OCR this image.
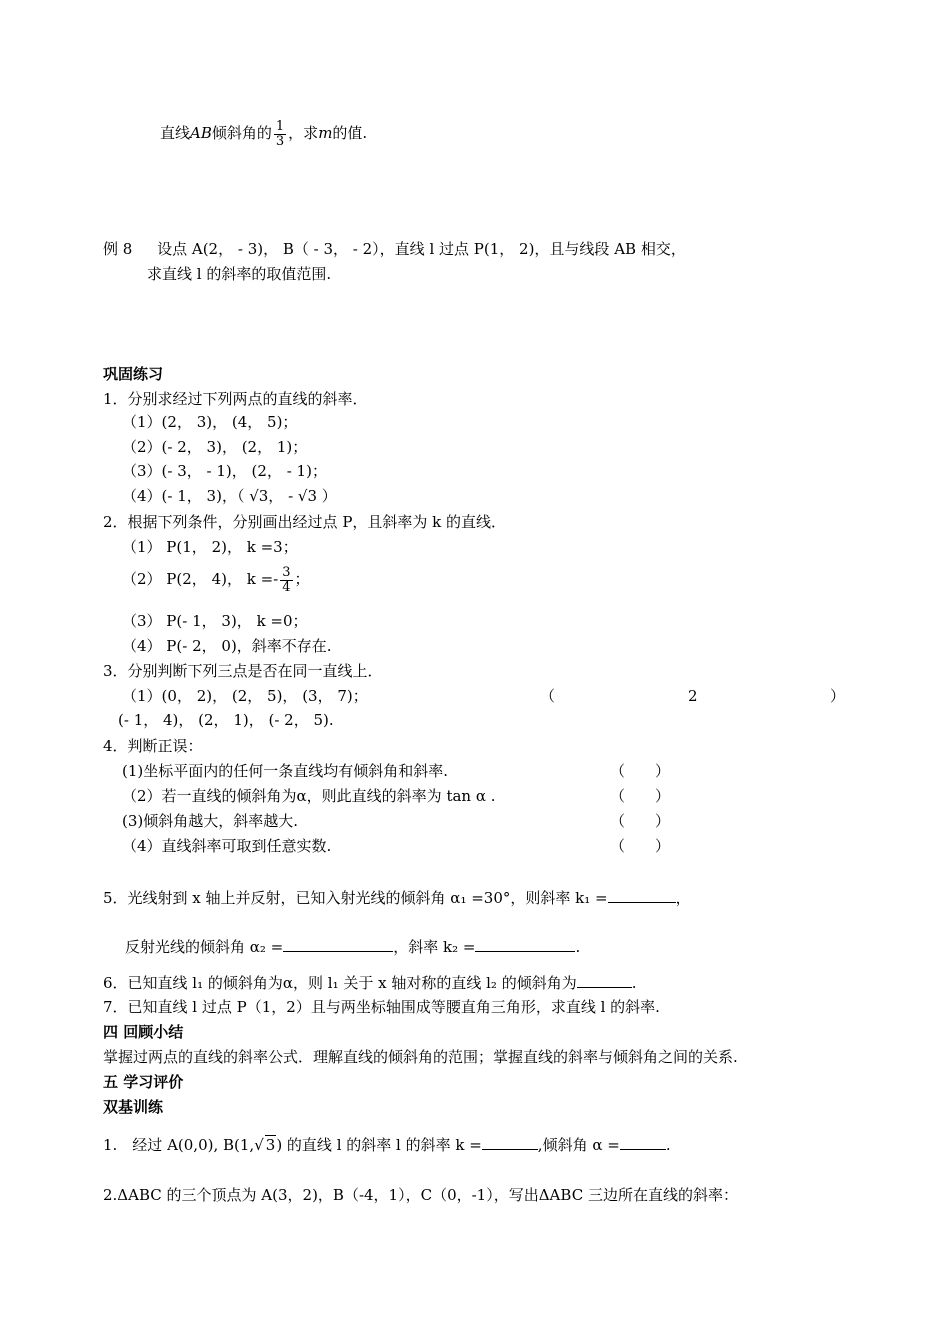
直线AB倾斜角的 $\frac{1}{3}$ ，求m的值.
例 8 设点 A(2， - 3)， B（ - 3， - 2），直线 l 过点 P(1， 2)，且与线段 AB 相交，
求直线 l 的斜率的取值范围.
巩固练习
1．分别求经过下列两点的直线的斜率．
（1）(2， 3)， (4， 5)；
（2）(- 2， 3)， (2， 1)；
（3）(- 3， - 1)， (2， - 1)；
（4）(- 1， 3)，（ √3， - √3 ）
2．根据下列条件，分别画出经过点 P，且斜率为 k 的直线．
（1） P(1， 2)， k =3；
（2） P(2， 4)， $k =- \frac{3}{4}$ ；
（3） P(- 1， 3)， k =0；
（4） P(- 2， 0)，斜率不存在.
3．分别判断下列三点是否在同一直线上．
（1）(0， 2)， (2， 5)， (3， 7)；	（	2	）
(- 1， 4)， (2， 1)， (- 2， 5).
4．判断正误：
(1)坐标平面内的任何一条直线均有倾斜角和斜率.	（　　）
（2）若一直线的倾斜角为α，则此直线的斜率为 tan α .	（　　）
(3)倾斜角越大，斜率越大.	（　　）
（4）直线斜率可取到任意实数.	（　　）
5．光线射到 x 轴上并反射，已知入射光线的倾斜角 α₁ =30°，则斜率 k₁ =	，
反射光线的倾斜角 α₂ =	，斜率 k₂ =	.
6．已知直线 l₁ 的倾斜角为α，则 l₁ 关于 x 轴对称的直线 l₂ 的倾斜角为	.
7．已知直线 l 过点 P（1，2）且与两坐标轴围成等腰直角三角形，求直线 l 的斜率.
四 回顾小结
掌握过两点的直线的斜率公式．理解直线的倾斜角的范围；掌握直线的斜率与倾斜角之间的关系.
五 学习评价
双基训练
1.　经过 A(0,0), B(1,√ 3) 的直线 l 的斜率 l 的斜率 k =	,倾斜角 α =	.
2.ΔABC 的三个顶点为 A(3，2)，B（-4，1），C（0，-1），写出ΔABC 三边所在直线的斜率：
